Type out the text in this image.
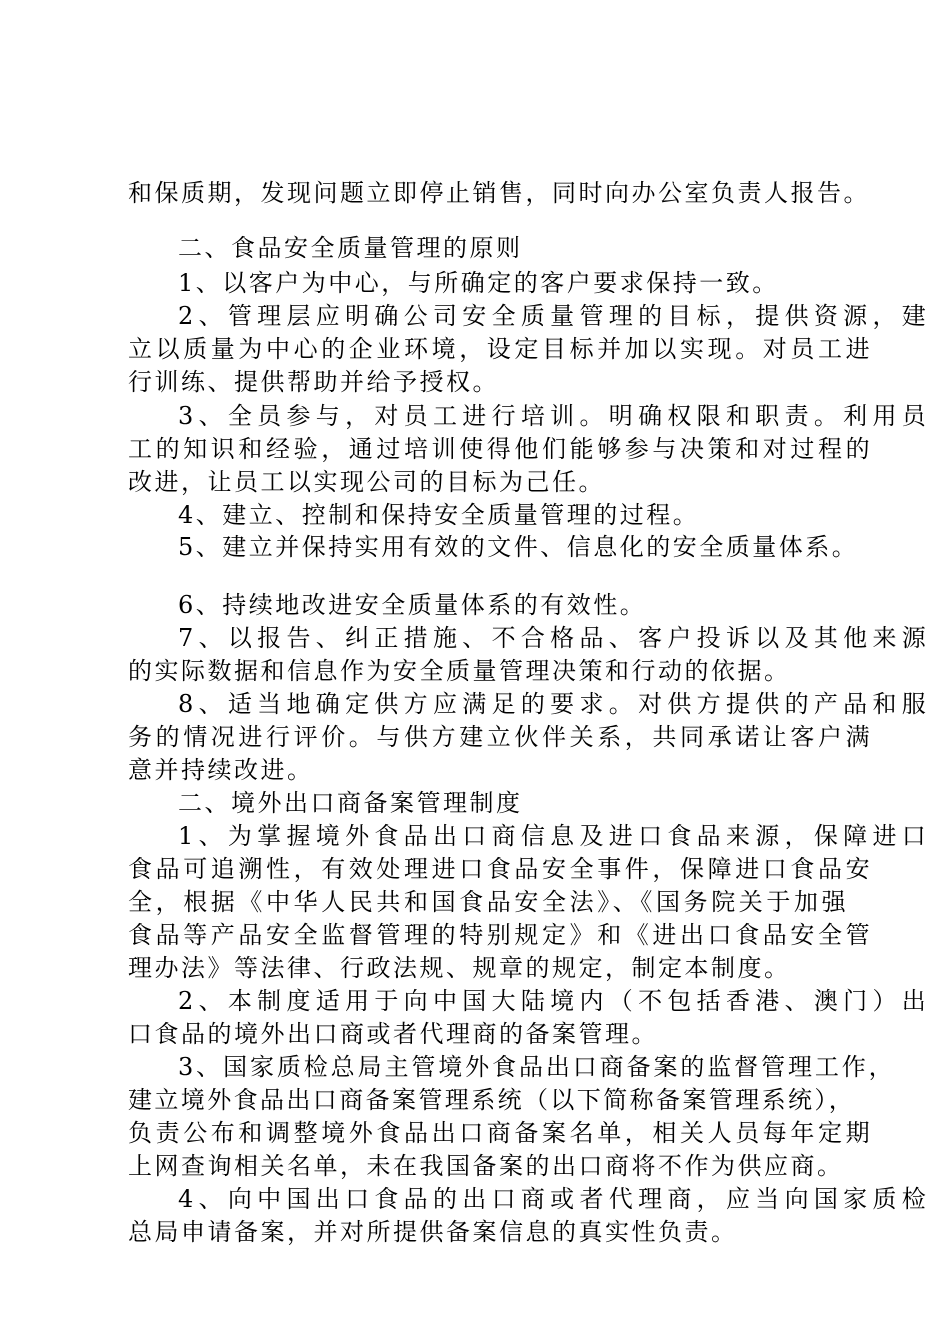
和保质期，发现问题立即停止销售，同时向办公室负责人报告。
二、食品安全质量管理的原则
1、以客户为中心，与所确定的客户要求保持一致。
2、管理层应明确公司安全质量管理的目标，提供资源，建
立以质量为中心的企业环境，设定目标并加以实现。对员工进
行训练、提供帮助并给予授权。
3、全员参与，对员工进行培训。明确权限和职责。利用员
工的知识和经验，通过培训使得他们能够参与决策和对过程的
改进，让员工以实现公司的目标为己任。
4、建立、控制和保持安全质量管理的过程。
5、建立并保持实用有效的文件、信息化的安全质量体系。
6、持续地改进安全质量体系的有效性。
7、以报告、纠正措施、不合格品、客户投诉以及其他来源
的实际数据和信息作为安全质量管理决策和行动的依据。
8、适当地确定供方应满足的要求。对供方提供的产品和服
务的情况进行评价。与供方建立伙伴关系，共同承诺让客户满
意并持续改进。
二、境外出口商备案管理制度
1、为掌握境外食品出口商信息及进口食品来源，保障进口
食品可追溯性，有效处理进口食品安全事件，保障进口食品安
全，根据《中华人民共和国食品安全法》、《国务院关于加强
食品等产品安全监督管理的特别规定》和《进出口食品安全管
理办法》等法律、行政法规、规章的规定，制定本制度。
2、本制度适用于向中国大陆境内（不包括香港、澳门）出
口食品的境外出口商或者代理商的备案管理。
3、国家质检总局主管境外食品出口商备案的监督管理工作，
建立境外食品出口商备案管理系统（以下简称备案管理系统），
负责公布和调整境外食品出口商备案名单，相关人员每年定期
上网查询相关名单，未在我国备案的出口商将不作为供应商。
4、向中国出口食品的出口商或者代理商，应当向国家质检
总局申请备案，并对所提供备案信息的真实性负责。
